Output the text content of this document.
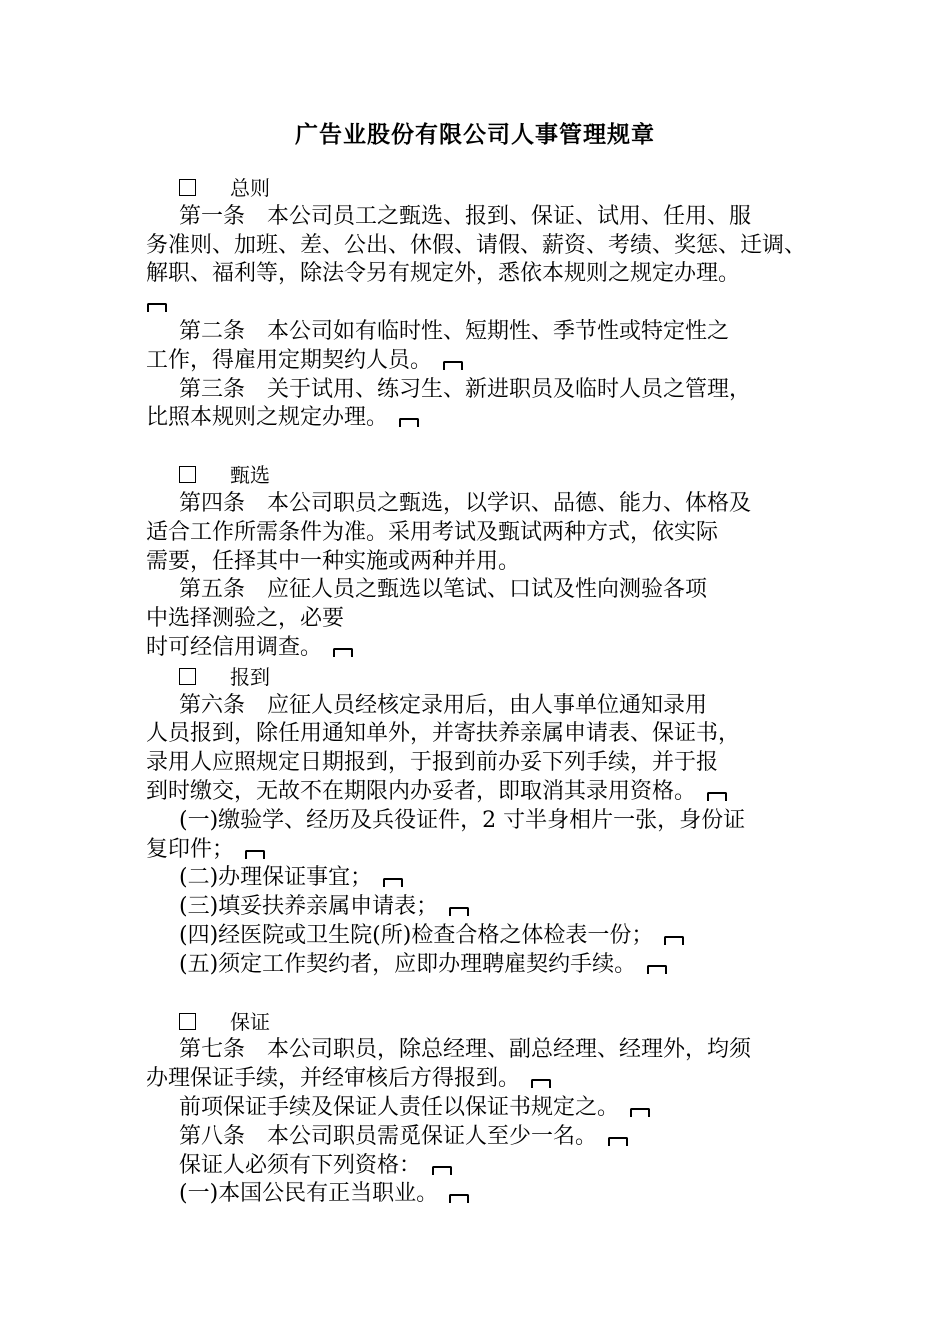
广告业股份有限公司人事管理规章
总则
第一条　本公司员工之甄选、报到、保证、试用、任用、服
务准则、加班、差、公出、休假、请假、薪资、考绩、奖惩、迁调、
解职、福利等，除法令另有规定外，悉依本规则之规定办理。
第二条　本公司如有临时性、短期性、季节性或特定性之
工作，得雇用定期契约人员。
第三条　关于试用、练习生、新进职员及临时人员之管理，
比照本规则之规定办理。
甄选
第四条　本公司职员之甄选，以学识、品德、能力、体格及
适合工作所需条件为准。采用考试及甄试两种方式，依实际
需要，任择其中一种实施或两种并用。
第五条　应征人员之甄选以笔试、口试及性向测验各项
中选择测验之，必要
时可经信用调查。
报到
第六条　应征人员经核定录用后，由人事单位通知录用
人员报到，除任用通知单外，并寄扶养亲属申请表、保证书，
录用人应照规定日期报到，于报到前办妥下列手续，并于报
到时缴交，无故不在期限内办妥者，即取消其录用资格。
(一)缴验学、经历及兵役证件，2 寸半身相片一张，身份证
复印件；
(二)办理保证事宜；
(三)填妥扶养亲属申请表；
(四)经医院或卫生院(所)检查合格之体检表一份；
(五)须定工作契约者，应即办理聘雇契约手续。
保证
第七条　本公司职员，除总经理、副总经理、经理外，均须
办理保证手续，并经审核后方得报到。
前项保证手续及保证人责任以保证书规定之。
第八条　本公司职员需觅保证人至少一名。
保证人必须有下列资格：
(一)本国公民有正当职业。
